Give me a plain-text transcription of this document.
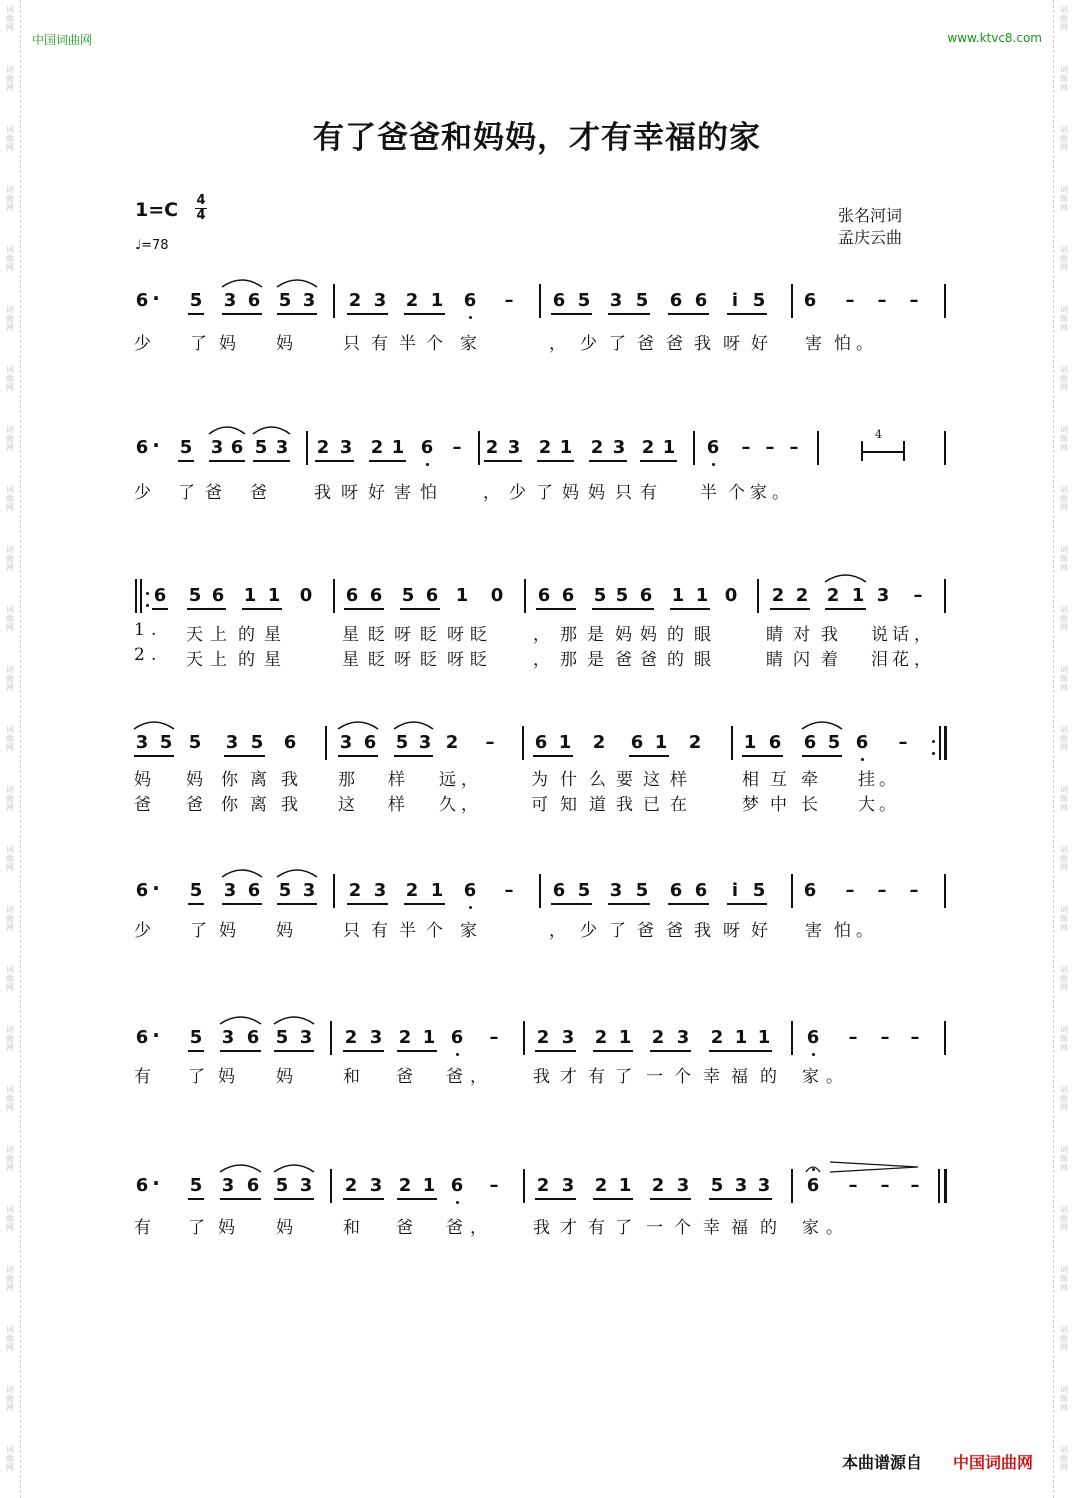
词
曲
网
词
曲
网
词
曲
网
词
曲
网
词
曲
网
词
曲
网
词
曲
网
词
曲
网
词
曲
网
词
曲
网
词
曲
网
词
曲
网
词
曲
网
词
曲
网
词
曲
网
词
曲
网
词
曲
网
词
曲
网
词
曲
网
词
曲
网
词
曲
网
词
曲
网
词
曲
网
词
曲
网
词
曲
网
词
曲
网
词
曲
网
词
曲
网
词
曲
网
词
曲
网
词
曲
网
词
曲
网
词
曲
网
词
曲
网
词
曲
网
词
曲
网
词
曲
网
词
曲
网
词
曲
网
词
曲
网
词
曲
网
词
曲
网
词
曲
网
词
曲
网
词
曲
网
词
曲
网
词
曲
网
词
曲
网
词
曲
网
词
曲
网
中国词曲网	www.ktvc8.com
有了爸爸和妈妈，才有幸福的家
1=C 4
4
♩=78
张名河词
孟庆云曲
6 · 5 3 6 5 3 2 3 2 1 6 – 6 5 3 5 6 6 i 5 6 – – –
少 了 妈 妈	只 有 半 个 家	， 少 了 爸 爸 我 呀 好 害 怕 。
6 · 5 3 6 5 3 2 3 2 1 6 – 2 3 2 1 2 3 2 1 6 – – –
少 了 爸 爸	我 呀 好 害 怕	， 少 了 妈 妈 只 有	半 个 家 。
6 5 6 1 1 0 6 6 5 6 1 0 6 6 5 5 6 1 1 0 2 2 2 1 3 –
1 . 天 上 的 星	星 眨 呀 眨 呀 眨	， 那 是 妈 妈 的 眼	睛 对 我 说 话 ，
2 . 天 上 的 星	星 眨 呀 眨 呀 眨	， 那 是 爸 爸 的 眼	睛 闪 着 泪 花 ，
3 5 5 3 5 6 3 6 5 3 2 – 6 1 2 6 1 2 1 6 6 5 6 –
妈 妈 你 离 我 那 样 远 ，	为 什 么 要 这 样	相 互 牵 挂 。
爸 爸 你 离 我 这 样 久 ，	可 知 道 我 已 在	梦 中 长 大 。
6 · 5 3 6 5 3 2 3 2 1 6 – 6 5 3 5 6 6 i 5 6 – – –
少 了 妈 妈	只 有 半 个 家	， 少 了 爸 爸 我 呀 好 害 怕 。
6 · 5 3 6 5 3 2 3 2 1 6 – 2 3 2 1 2 3 2 1 1 6 – – –
有 了 妈 妈	和 爸 爸 ，	我 才 有 了 一 个 幸 福 的 家 。
6 · 5 3 6 5 3 2 3 2 1 6 – 2 3 2 1 2 3 5 3 3 6 – – –
有 了 妈 妈	和 爸 爸 ，	我 才 有 了 一 个 幸 福 的 家 。
4
本曲谱源自 中国词曲网
